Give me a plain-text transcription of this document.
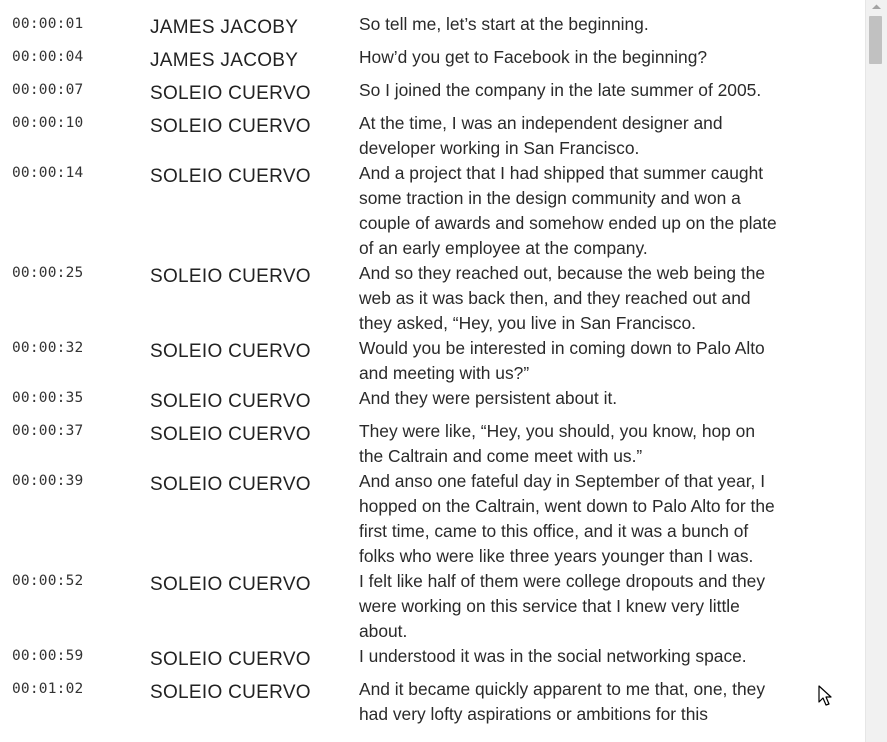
00:00:01	JAMES JACOBY	So tell me, let’s start at the beginning.
00:00:04	JAMES JACOBY	How’d you get to Facebook in the beginning?
00:00:07	SOLEIO CUERVO	So I joined the company in the late summer of 2005.
00:00:10	SOLEIO CUERVO	At the time, I was an independent designer and developer working in San Francisco.
00:00:14	SOLEIO CUERVO	And a project that I had shipped that summer caught some traction in the design community and won a couple of awards and somehow ended up on the plate of an early employee at the company.
00:00:25	SOLEIO CUERVO	And so they reached out, because the web being the web as it was back then, and they reached out and they asked, “Hey, you live in San Francisco.
00:00:32	SOLEIO CUERVO	Would you be interested in coming down to Palo Alto and meeting with us?”
00:00:35	SOLEIO CUERVO	And they were persistent about it.
00:00:37	SOLEIO CUERVO	They were like, “Hey, you should, you know, hop on the Caltrain and come meet with us.”
00:00:39	SOLEIO CUERVO	And anso one fateful day in September of that year, I hopped on the Caltrain, went down to Palo Alto for the first time, came to this office, and it was a bunch of folks who were like three years younger than I was.
00:00:52	SOLEIO CUERVO	I felt like half of them were college dropouts and they were working on this service that I knew very little about.
00:00:59	SOLEIO CUERVO	I understood it was in the social networking space.
00:01:02	SOLEIO CUERVO	And it became quickly apparent to me that, one, they had very lofty aspirations or ambitions for this
